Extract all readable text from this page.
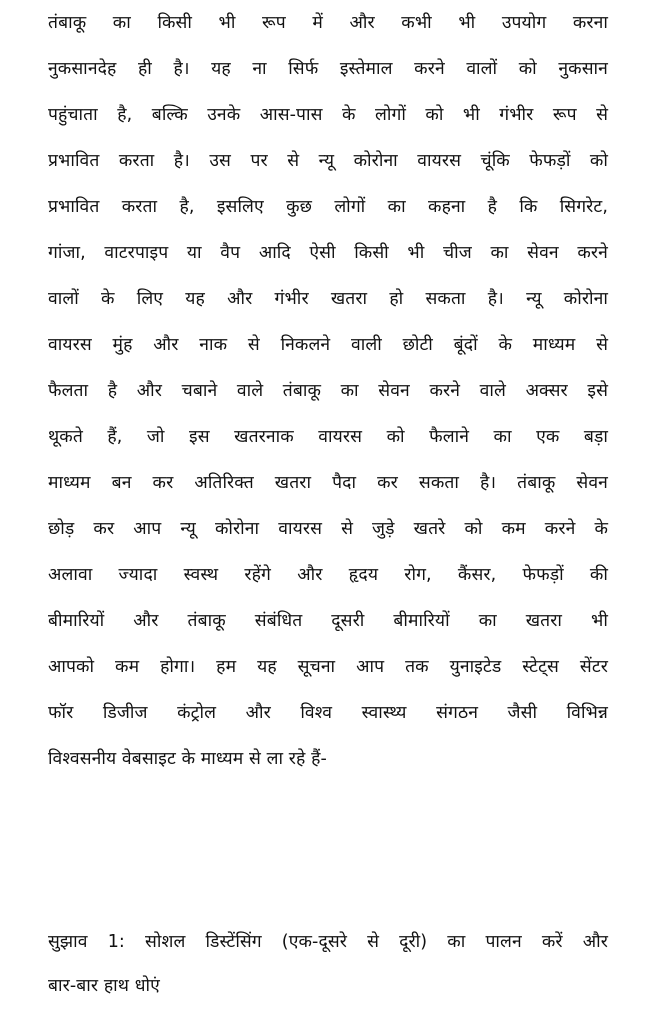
तंबाकू का किसी भी रूप में और कभी भी उपयोग करना
नुकसानदेह ही है। यह ना सिर्फ इस्तेमाल करने वालों को नुकसान
पहुंचाता है, बल्कि उनके आस-पास के लोगों को भी गंभीर रूप से
प्रभावित करता है। उस पर से न्यू कोरोना वायरस चूंकि फेफड़ों को
प्रभावित करता है, इसलिए कुछ लोगों का कहना है कि सिगरेट,
गांजा, वाटरपाइप या वैप आदि ऐसी किसी भी चीज का सेवन करने
वालों के लिए यह और गंभीर खतरा हो सकता है। न्यू कोरोना
वायरस मुंह और नाक से निकलने वाली छोटी बूंदों के माध्यम से
फैलता है और चबाने वाले तंबाकू का सेवन करने वाले अक्सर इसे
थूकते हैं, जो इस खतरनाक वायरस को फैलाने का एक बड़ा
माध्यम बन कर अतिरिक्त खतरा पैदा कर सकता है। तंबाकू सेवन
छोड़ कर आप न्यू कोरोना वायरस से जुड़े खतरे को कम करने के
अलावा ज्यादा स्वस्थ रहेंगे और हृदय रोग, कैंसर, फेफड़ों की
बीमारियों और तंबाकू संबंधित दूसरी बीमारियों का खतरा भी
आपको कम होगा। हम यह सूचना आप तक युनाइटेड स्टेट्स सेंटर
फॉर डिजीज कंट्रोल और विश्व स्वास्थ्य संगठन जैसी विभिन्न
विश्वसनीय वेबसाइट के माध्यम से ला रहे हैं-
सुझाव 1: सोशल डिस्टेंसिंग (एक-दूसरे से दूरी) का पालन करें और
बार-बार हाथ धोएं
